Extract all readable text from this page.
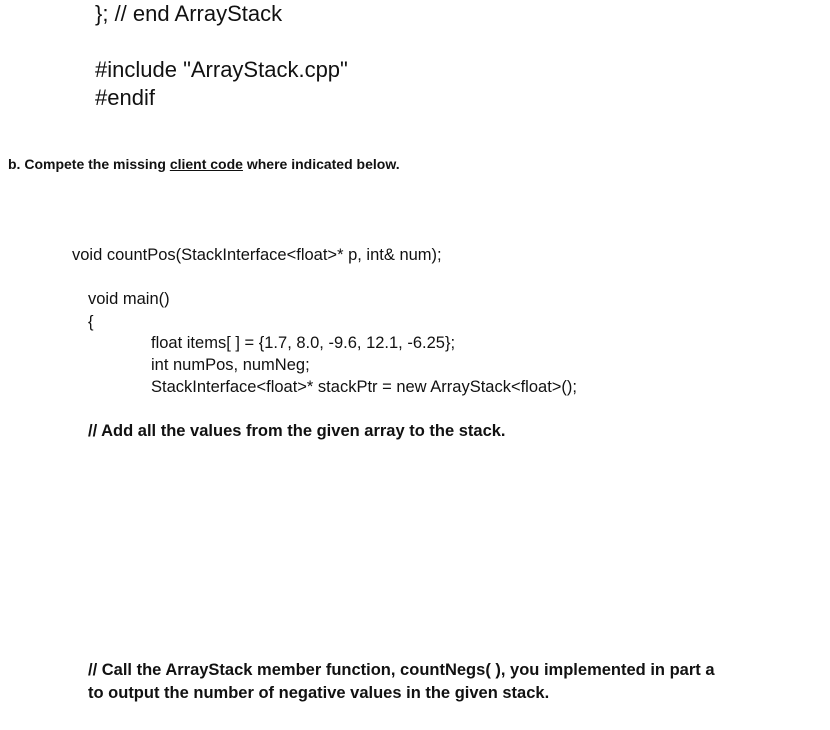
}; // end ArrayStack

#include "ArrayStack.cpp"

#endif

b. Compete the missing client code where indicated below.

void countPos(StackInterface<float>* p, int& num);

void main()

{

float items[ ] = {1.7, 8.0, -9.6, 12.1, -6.25};

int numPos, numNeg;

StackInterface<float>* stackPtr = new ArrayStack<float>();

// Add all the values from the given array to the stack.

// Call the ArrayStack member function, countNegs( ), you implemented in part a

to output the number of negative values in the given stack.
